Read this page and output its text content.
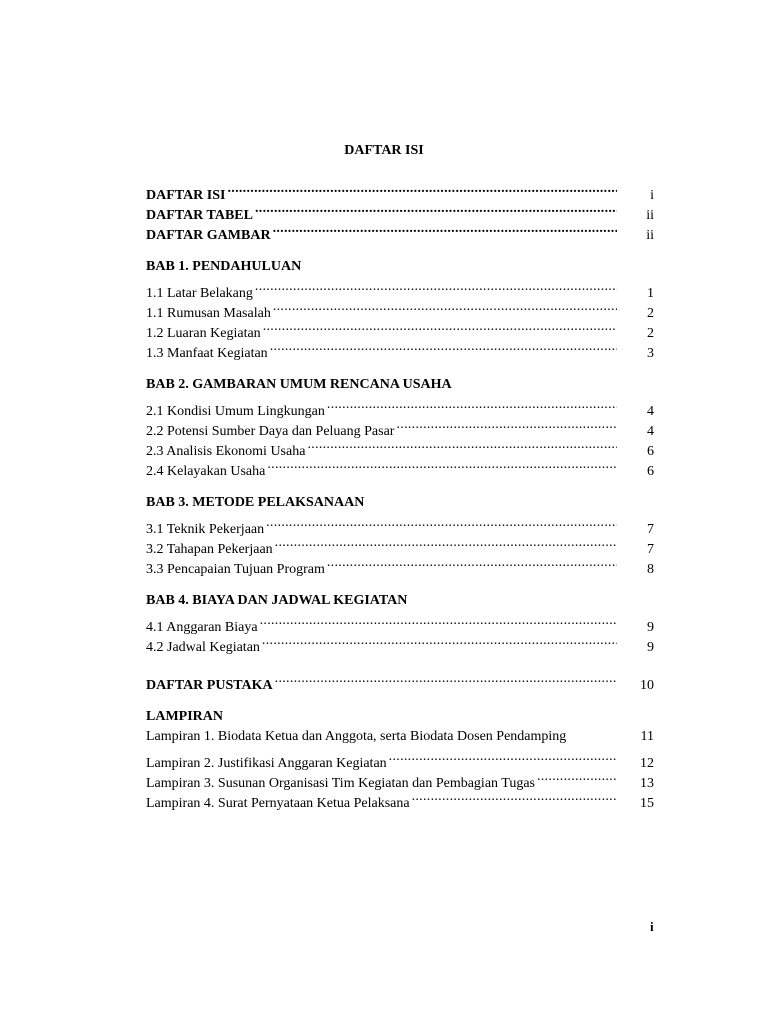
DAFTAR ISI
DAFTAR ISI .....	i
DAFTAR TABEL .....	ii
DAFTAR GAMBAR .....	ii
BAB 1. PENDAHULUAN
1.1 Latar Belakang .....	1
1.1 Rumusan Masalah .....	2
1.2 Luaran Kegiatan .....	2
1.3 Manfaat Kegiatan .....	3
BAB 2. GAMBARAN UMUM RENCANA USAHA
2.1 Kondisi Umum Lingkungan .....	4
2.2 Potensi Sumber Daya dan Peluang Pasar .....	4
2.3 Analisis Ekonomi Usaha .....	6
2.4 Kelayakan Usaha .....	6
BAB 3. METODE PELAKSANAAN
3.1 Teknik Pekerjaan .....	7
3.2 Tahapan Pekerjaan .....	7
3.3 Pencapaian Tujuan Program .....	8
BAB 4. BIAYA DAN JADWAL KEGIATAN
4.1 Anggaran Biaya .....	9
4.2 Jadwal Kegiatan .....	9
DAFTAR PUSTAKA .....	10
LAMPIRAN
Lampiran 1. Biodata Ketua dan Anggota, serta Biodata Dosen Pendamping	11
Lampiran 2. Justifikasi Anggaran Kegiatan .....	12
Lampiran 3. Susunan Organisasi Tim Kegiatan dan Pembagian Tugas .....	13
Lampiran 4. Surat Pernyataan Ketua Pelaksana .....	15
i
